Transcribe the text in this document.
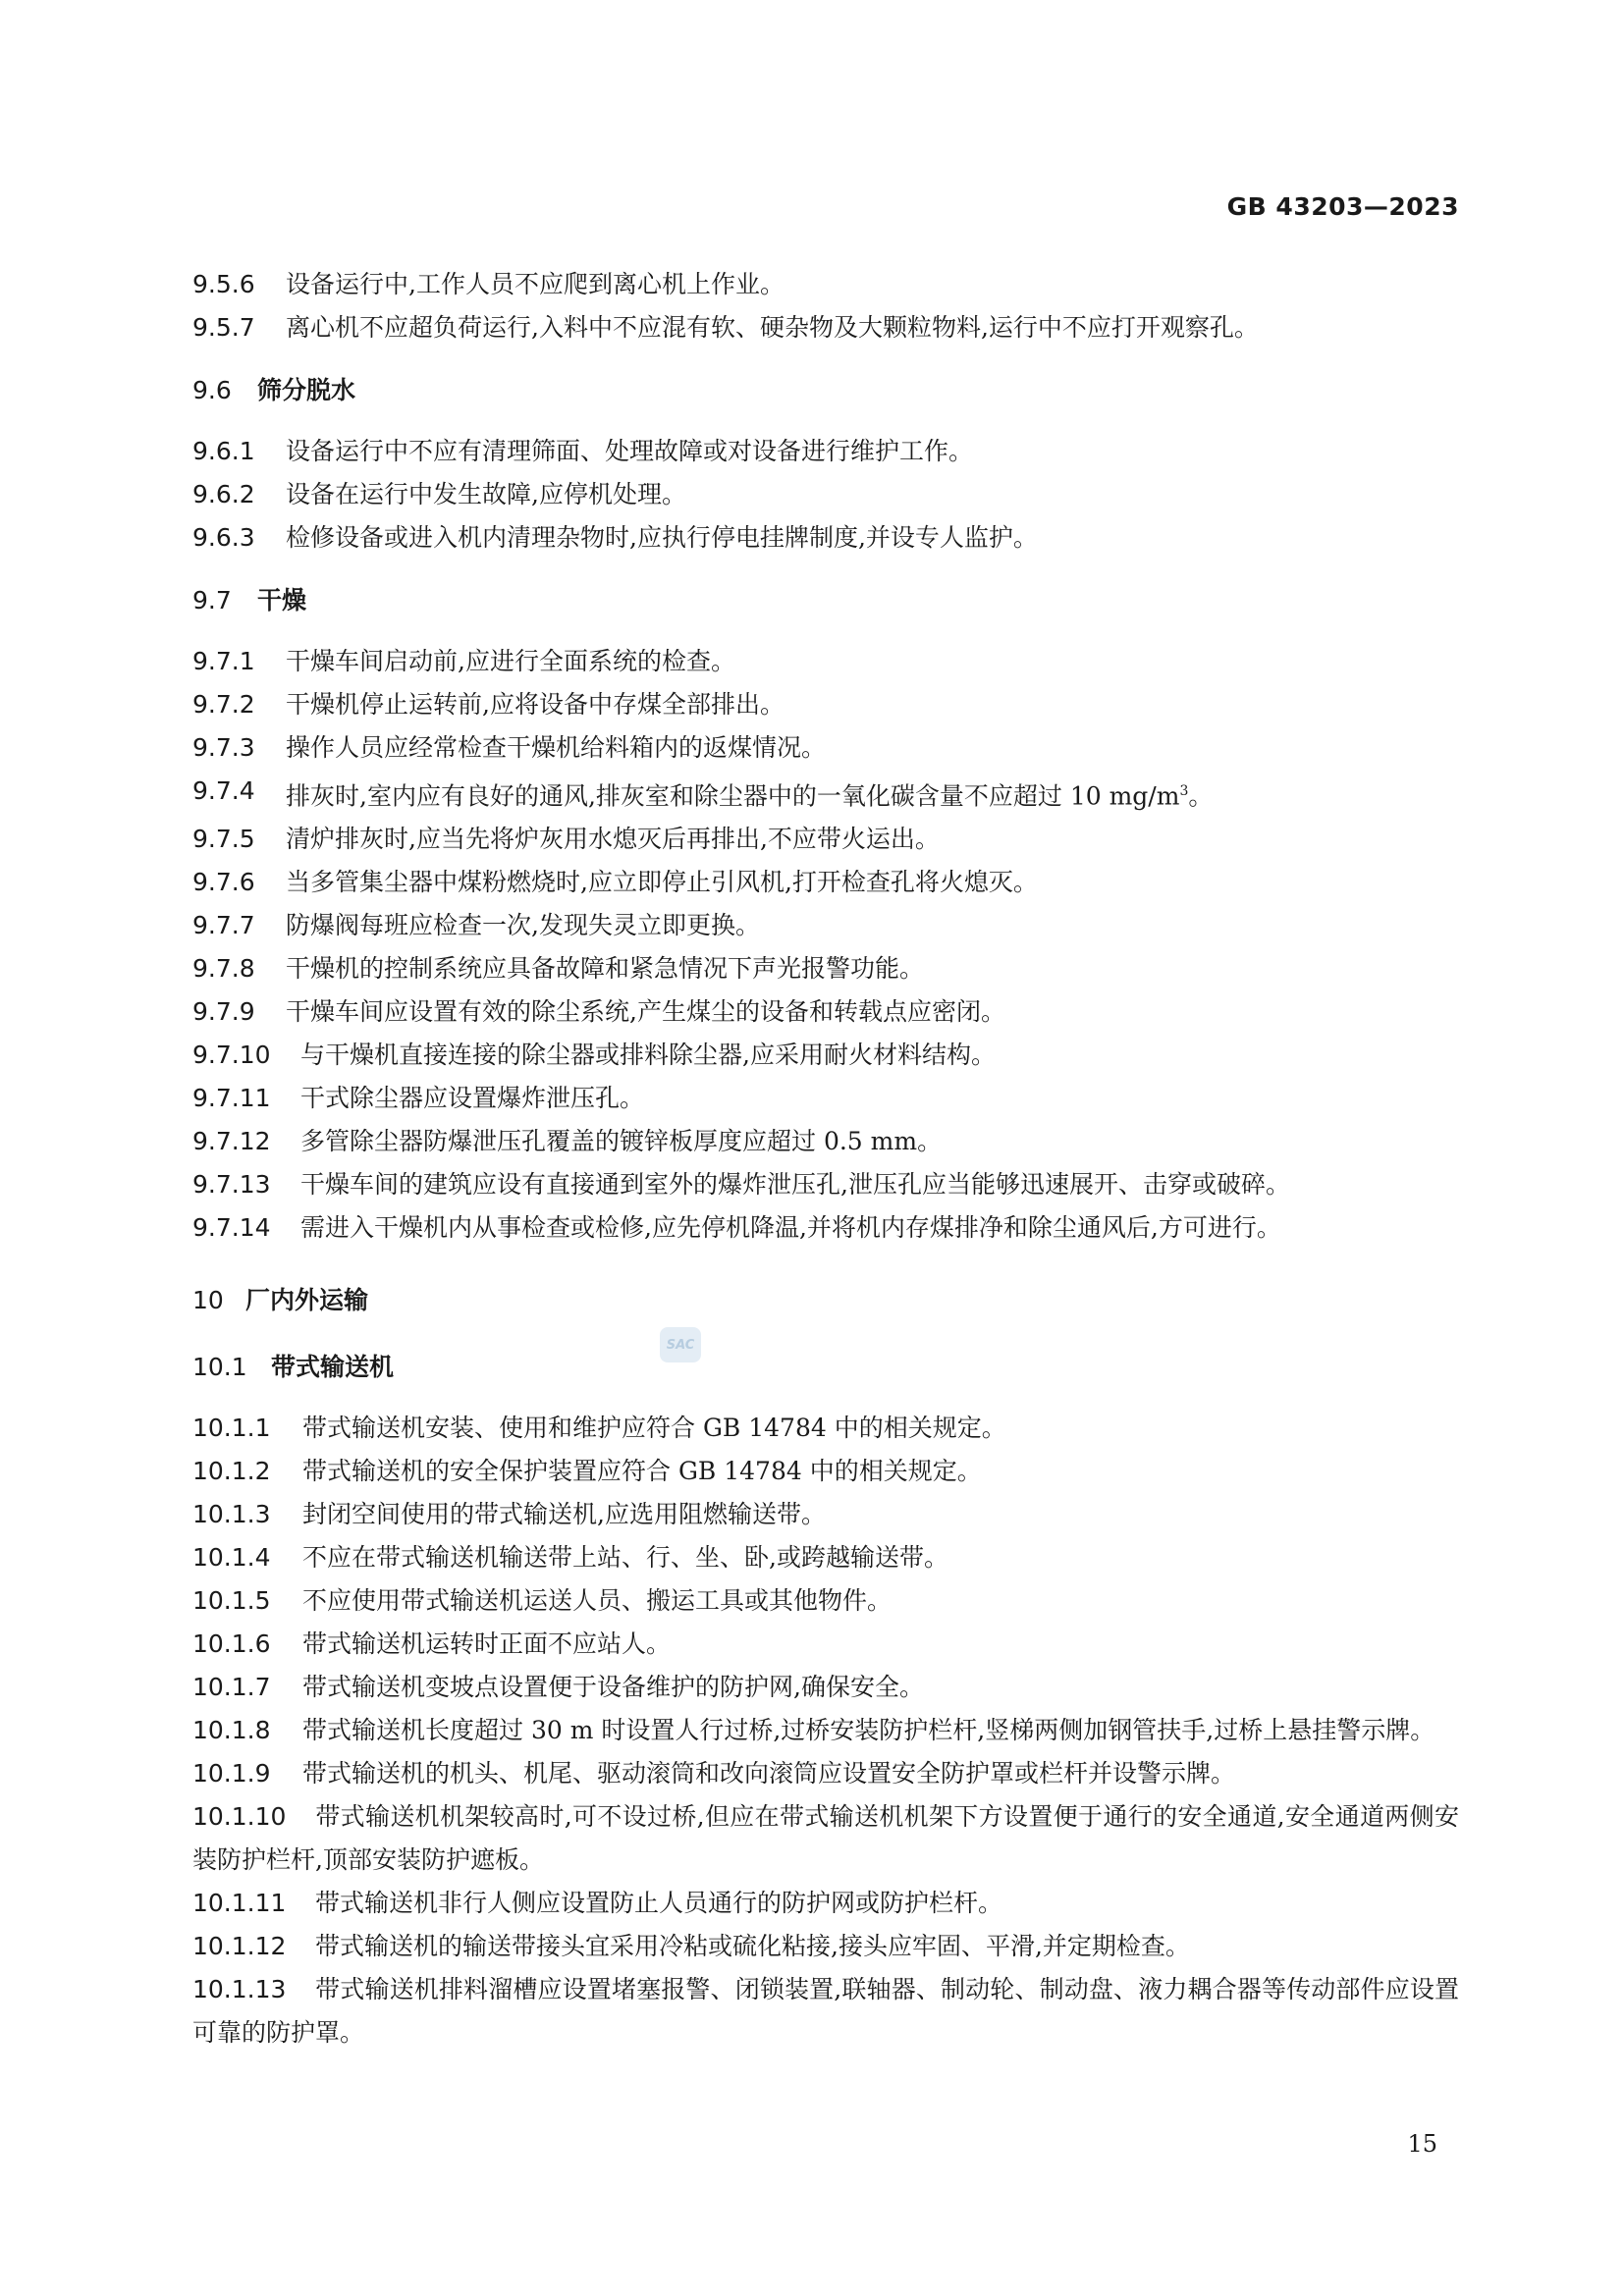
GB 43203—2023
SAC
9.5.6	设备运行中,工作人员不应爬到离心机上作业。
9.5.7	离心机不应超负荷运行,入料中不应混有软、硬杂物及大颗粒物料,运行中不应打开观察孔。
9.6	筛分脱水
9.6.1	设备运行中不应有清理筛面、处理故障或对设备进行维护工作。
9.6.2	设备在运行中发生故障,应停机处理。
9.6.3	检修设备或进入机内清理杂物时,应执行停电挂牌制度,并设专人监护。
9.7	干燥
9.7.1	干燥车间启动前,应进行全面系统的检查。
9.7.2	干燥机停止运转前,应将设备中存煤全部排出。
9.7.3	操作人员应经常检查干燥机给料箱内的返煤情况。
9.7.4	排灰时,室内应有良好的通风,排灰室和除尘器中的一氧化碳含量不应超过 10 $mg/m^3$。
9.7.5	清炉排灰时,应当先将炉灰用水熄灭后再排出,不应带火运出。
9.7.6	当多管集尘器中煤粉燃烧时,应立即停止引风机,打开检查孔将火熄灭。
9.7.7	防爆阀每班应检查一次,发现失灵立即更换。
9.7.8	干燥机的控制系统应具备故障和紧急情况下声光报警功能。
9.7.9	干燥车间应设置有效的除尘系统,产生煤尘的设备和转载点应密闭。
9.7.10	与干燥机直接连接的除尘器或排料除尘器,应采用耐火材料结构。
9.7.11	干式除尘器应设置爆炸泄压孔。
9.7.12	多管除尘器防爆泄压孔覆盖的镀锌板厚度应超过 0.5 mm。
9.7.13	干燥车间的建筑应设有直接通到室外的爆炸泄压孔,泄压孔应当能够迅速展开、击穿或破碎。
9.7.14	需进入干燥机内从事检查或检修,应先停机降温,并将机内存煤排净和除尘通风后,方可进行。
10 厂内外运输
10.1 带式输送机
10.1.1	带式输送机安装、使用和维护应符合 GB 14784 中的相关规定。
10.1.2	带式输送机的安全保护装置应符合 GB 14784 中的相关规定。
10.1.3	封闭空间使用的带式输送机,应选用阻燃输送带。
10.1.4	不应在带式输送机输送带上站、行、坐、卧,或跨越输送带。
10.1.5	不应使用带式输送机运送人员、搬运工具或其他物件。
10.1.6	带式输送机运转时正面不应站人。
10.1.7	带式输送机变坡点设置便于设备维护的防护网,确保安全。
10.1.8 带式输送机长度超过 30 m 时设置人行过桥,过桥安装防护栏杆,竖梯两侧加钢管扶手,过桥上悬挂警示牌。
10.1.9	带式输送机的机头、机尾、驱动滚筒和改向滚筒应设置安全防护罩或栏杆并设警示牌。
10.1.10 带式输送机机架较高时,可不设过桥,但应在带式输送机机架下方设置便于通行的安全通道,安全通道两侧安装防护栏杆,顶部安装防护遮板。
10.1.11	带式输送机非行人侧应设置防止人员通行的防护网或防护栏杆。
10.1.12	带式输送机的输送带接头宜采用冷粘或硫化粘接,接头应牢固、平滑,并定期检查。
10.1.13 带式输送机排料溜槽应设置堵塞报警、闭锁装置,联轴器、制动轮、制动盘、液力耦合器等传动部件应设置可靠的防护罩。
15
